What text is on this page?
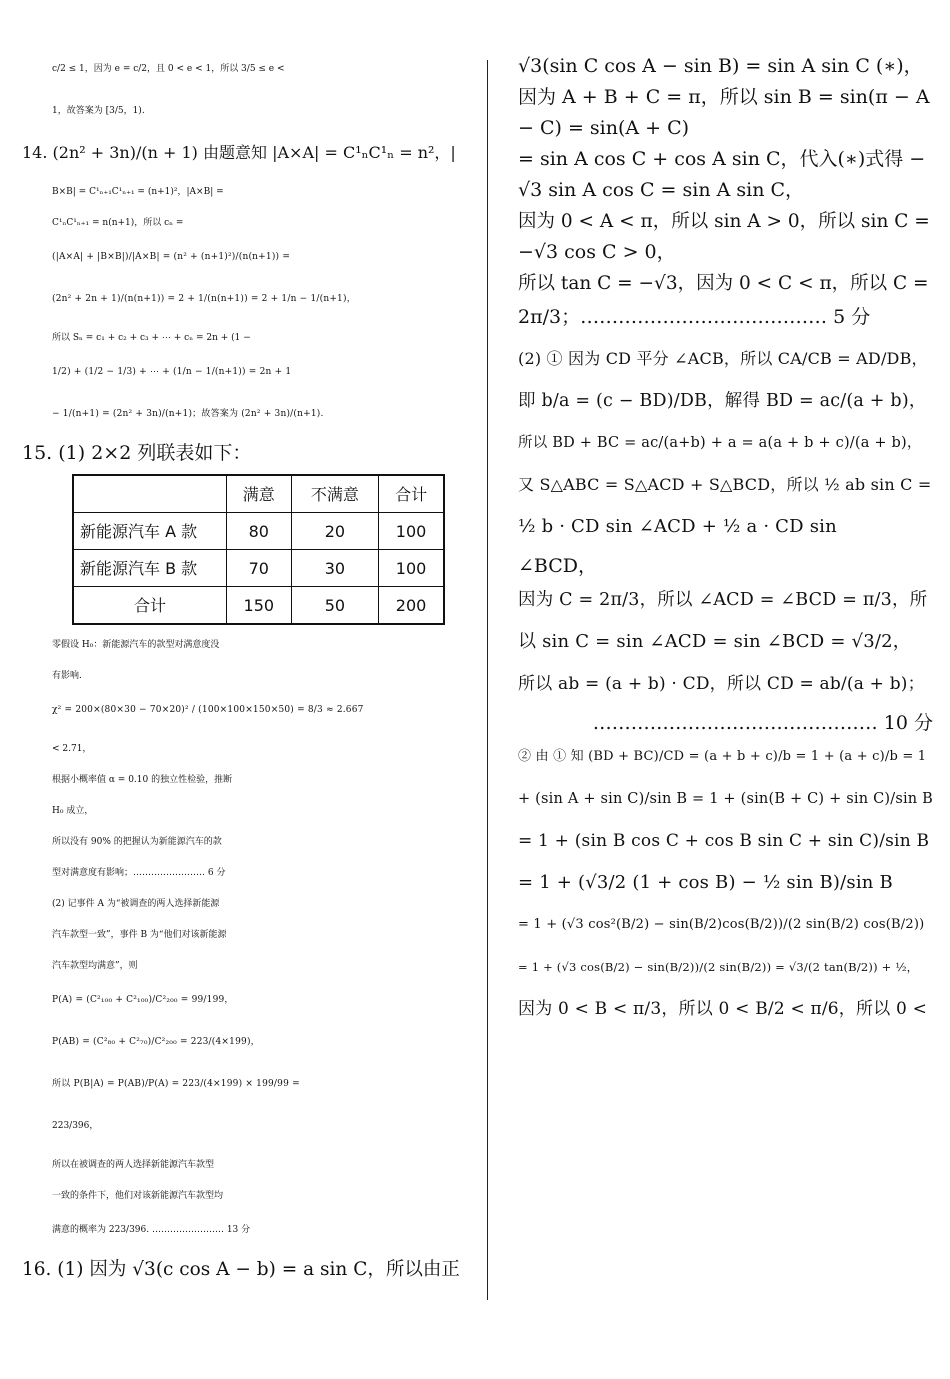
c/2 ≤ 1，因为 e = c/2，且 0 < e < 1，所以 3/5 ≤ e <
1，故答案为 [3/5，1).
14. (2n² + 3n)/(n + 1) 由题意知 |A×A| = C¹ₙC¹ₙ = n²，|
B×B| = C¹ₙ₊₁C¹ₙ₊₁ = (n+1)²，|A×B| =
C¹ₙC¹ₙ₊₁ = n(n+1)，所以 cₙ =
(|A×A| + |B×B|)/|A×B| = (n² + (n+1)²)/(n(n+1)) =
(2n² + 2n + 1)/(n(n+1)) = 2 + 1/(n(n+1)) = 2 + 1/n − 1/(n+1)，
所以 Sₙ = c₁ + c₂ + c₃ + ⋯ + cₙ = 2n + (1 −
1/2) + (1/2 − 1/3) + ⋯ + (1/n − 1/(n+1)) = 2n + 1
− 1/(n+1) = (2n² + 3n)/(n+1)；故答案为 (2n² + 3n)/(n+1).
15. (1) 2×2 列联表如下：
	满意	不满意	合计
新能源汽车 A 款	80	20	100
新能源汽车 B 款	70	30	100
合计	150	50	200
零假设 H₀：新能源汽车的款型对满意度没
有影响.
χ² = 200×(80×30 − 70×20)² / (100×100×150×50) = 8/3 ≈ 2.667
< 2.71，
根据小概率值 α = 0.10 的独立性检验，推断
H₀ 成立，
所以没有 90% 的把握认为新能源汽车的款
型对满意度有影响；…………………… 6 分
(2) 记事件 A 为“被调查的两人选择新能源
汽车款型一致”，事件 B 为“他们对该新能源
汽车款型均满意”，则
P(A) = (C²₁₀₀ + C²₁₀₀)/C²₂₀₀ = 99/199，
P(AB) = (C²₈₀ + C²₇₀)/C²₂₀₀ = 223/(4×199)，
所以 P(B|A) = P(AB)/P(A) = 223/(4×199) × 199/99 =
223/396，
所以在被调查的两人选择新能源汽车款型
一致的条件下，他们对该新能源汽车款型均
满意的概率为 223/396. …………………… 13 分
16. (1) 因为 √3(c cos A − b) = a sin C，所以由正
√3(sin C cos A − sin B) = sin A sin C (∗)，
因为 A + B + C = π，所以 sin B = sin(π − A
− C) = sin(A + C)
= sin A cos C + cos A sin C，代入(∗)式得 −
√3 sin A cos C = sin A sin C，
因为 0 < A < π，所以 sin A > 0，所以 sin C =
−√3 cos C > 0，
所以 tan C = −√3，因为 0 < C < π，所以 C =
2π/3；………………………………… 5 分
(2) ① 因为 CD 平分 ∠ACB，所以 CA/CB = AD/DB，
即 b/a = (c − BD)/DB，解得 BD = ac/(a + b)，
所以 BD + BC = ac/(a+b) + a = a(a + b + c)/(a + b)，
又 S△ABC = S△ACD + S△BCD，所以 ½ ab sin C =
½ b · CD sin ∠ACD + ½ a · CD sin
∠BCD，
因为 C = 2π/3，所以 ∠ACD = ∠BCD = π/3，所
以 sin C = sin ∠ACD = sin ∠BCD = √3/2，
所以 ab = (a + b) · CD，所以 CD = ab/(a + b)；
……………………………………… 10 分
② 由 ① 知 (BD + BC)/CD = (a + b + c)/b = 1 + (a + c)/b = 1
+ (sin A + sin C)/sin B = 1 + (sin(B + C) + sin C)/sin B
= 1 + (sin B cos C + cos B sin C + sin C)/sin B
= 1 + (√3/2 (1 + cos B) − ½ sin B)/sin B
= 1 + (√3 cos²(B/2) − sin(B/2)cos(B/2))/(2 sin(B/2) cos(B/2))
= 1 + (√3 cos(B/2) − sin(B/2))/(2 sin(B/2)) = √3/(2 tan(B/2)) + ½，
因为 0 < B < π/3，所以 0 < B/2 < π/6，所以 0 <
